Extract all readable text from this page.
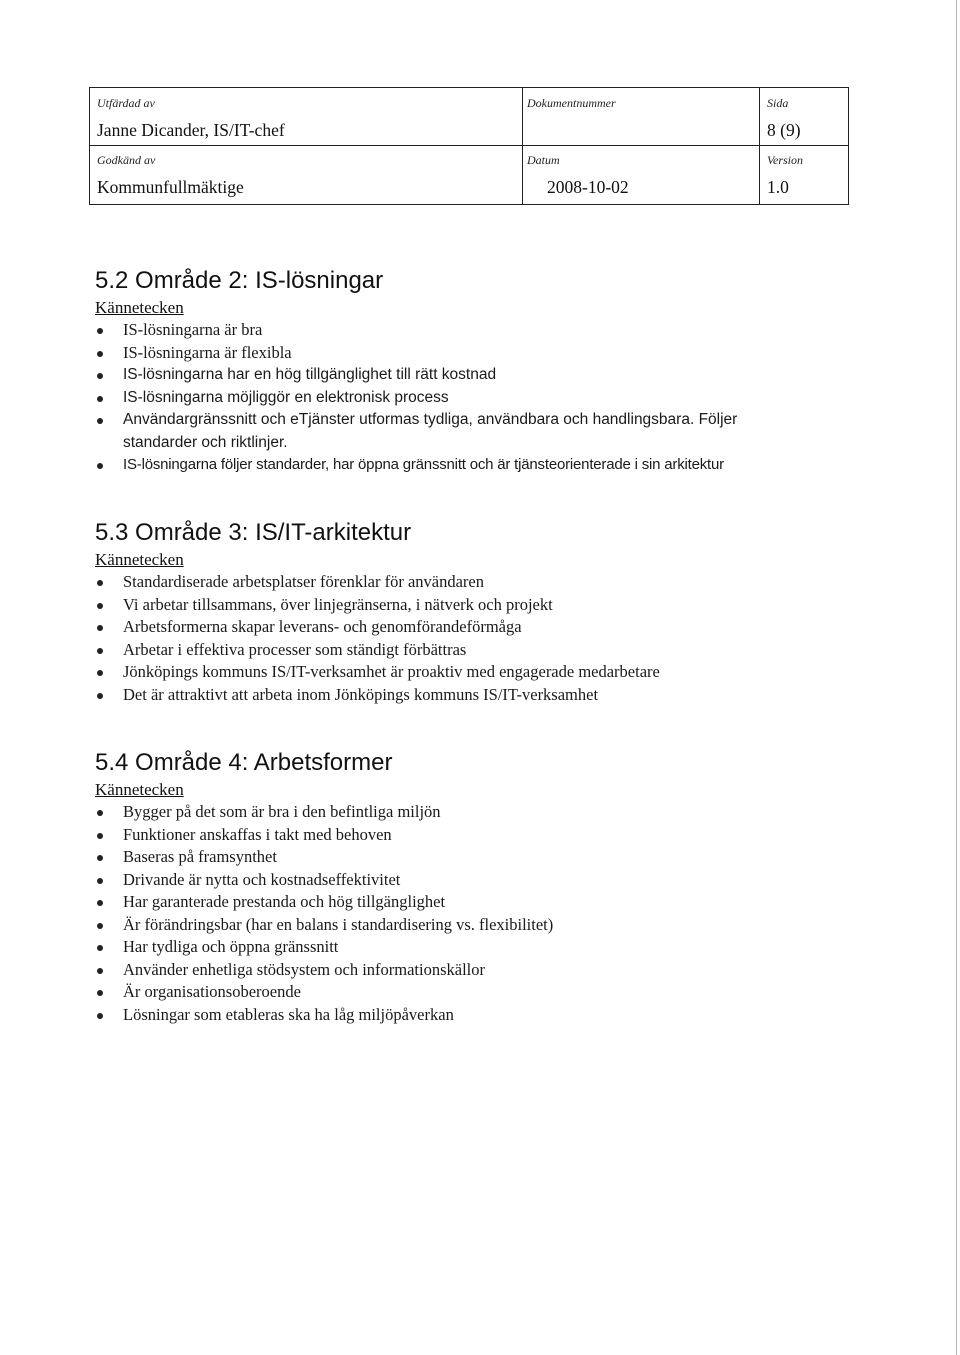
Utfärdad av
Janne Dicander, IS/IT-chef
Dokumentnummer	Sida
8 (9)
Godkänd av
Kommunfullmäktige
Datum
2008-10-02
Version
1.0
5.2 Område 2: IS-lösningar
Kännetecken
IS-lösningarna är bra
IS-lösningarna är flexibla
IS-lösningarna har en hög tillgänglighet till rätt kostnad
IS-lösningarna möjliggör en elektronisk process
Användargränssnitt och eTjänster utformas tydliga, användbara och handlingsbara. Följer standarder och riktlinjer.
IS-lösningarna följer standarder, har öppna gränssnitt och är tjänsteorienterade i sin arkitektur
5.3 Område 3: IS/IT-arkitektur
Kännetecken
Standardiserade arbetsplatser förenklar för användaren
Vi arbetar tillsammans, över linjegränserna, i nätverk och projekt
Arbetsformerna skapar leverans- och genomförandeförmåga
Arbetar i effektiva processer som ständigt förbättras
Jönköpings kommuns IS/IT-verksamhet är proaktiv med engagerade medarbetare
Det är attraktivt att arbeta inom Jönköpings kommuns IS/IT-verksamhet
5.4 Område 4: Arbetsformer
Kännetecken
Bygger på det som är bra i den befintliga miljön
Funktioner anskaffas i takt med behoven
Baseras på framsynthet
Drivande är nytta och kostnadseffektivitet
Har garanterade prestanda och hög tillgänglighet
Är förändringsbar (har en balans i standardisering vs. flexibilitet)
Har tydliga och öppna gränssnitt
Använder enhetliga stödsystem och informationskällor
Är organisationsoberoende
Lösningar som etableras ska ha låg miljöpåverkan
